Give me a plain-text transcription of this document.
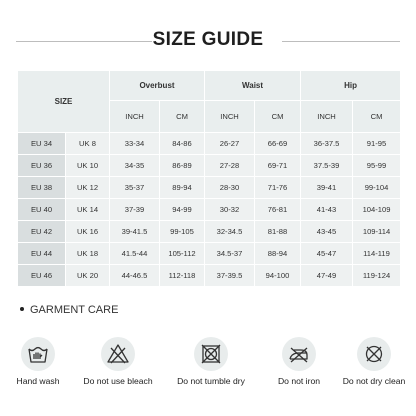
SIZE GUIDE
SIZE		Overbust		Waist		Hip	
		INCH	CM	INCH	CM	INCH	CM
EU 34	UK 8	33-34	84-86	26-27	66-69	36-37.5	91-95
EU 36	UK 10	34-35	86-89	27-28	69-71	37.5-39	95-99
EU 38	UK 12	35-37	89-94	28-30	71-76	39-41	99-104
EU 40	UK 14	37-39	94-99	30-32	76-81	41-43	104-109
EU 42	UK 16	39-41.5	99-105	32-34.5	81-88	43-45	109-114
EU 44	UK 18	41.5-44	105-112	34.5-37	88-94	45-47	114-119
EU 46	UK 20	44-46.5	112-118	37-39.5	94-100	47-49	119-124
GARMENT CARE
Hand wash	Do not use bleach	Do not tumble dry	Do not iron	Do not dry clean
